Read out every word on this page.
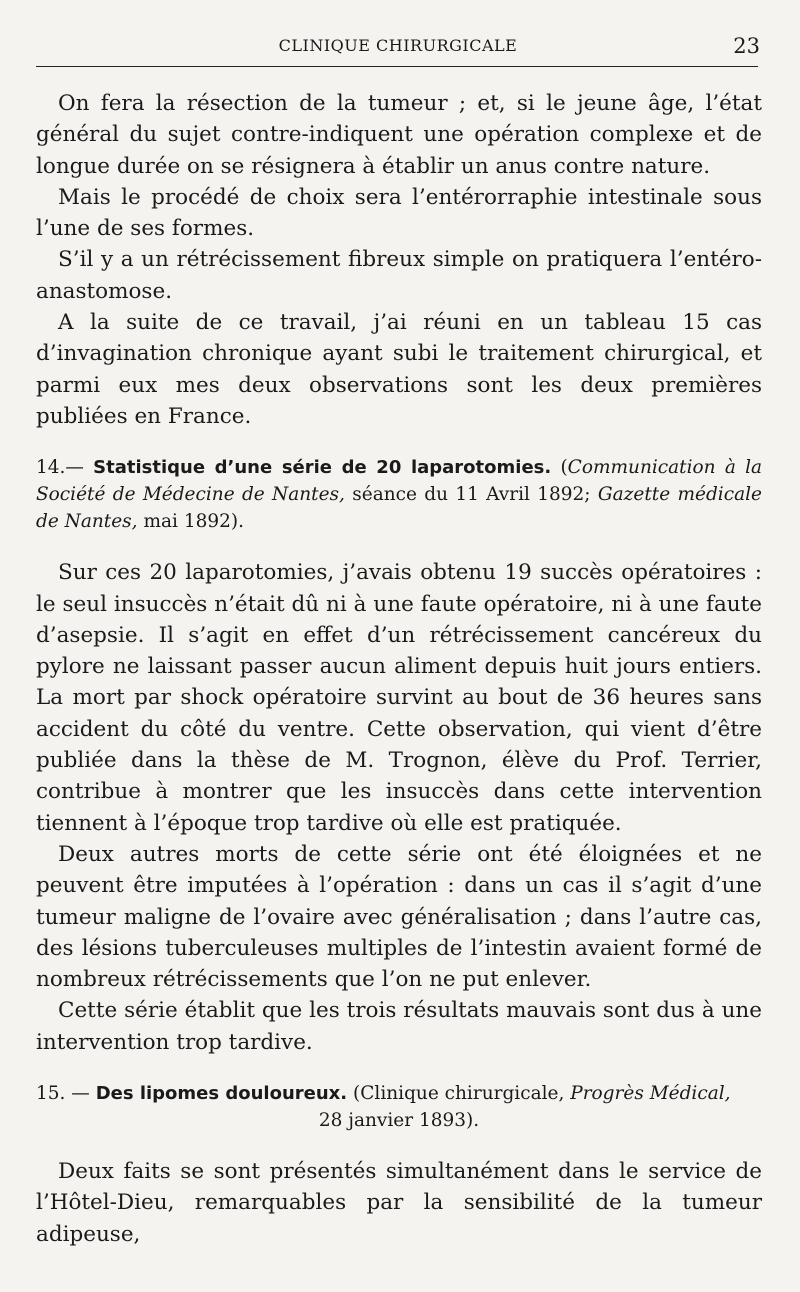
CLINIQUE CHIRURGICALE	23

On fera la résection de la tumeur ; et, si le jeune âge, l’état général du sujet contre-indiquent une opération complexe et de longue durée on se résignera à établir un anus contre nature.

Mais le procédé de choix sera l’entérorraphie intestinale sous l’une de ses formes.

S’il y a un rétrécissement fibreux simple on pratiquera l’entéro-anastomose.

A la suite de ce travail, j’ai réuni en un tableau 15 cas d’invagination chronique ayant subi le traitement chirurgical, et parmi eux mes deux observations sont les deux premières publiées en France.

14.— Statistique d’une série de 20 laparotomies. (Communication à la Société de Médecine de Nantes, séance du 11 Avril 1892; Gazette médicale de Nantes, mai 1892).

Sur ces 20 laparotomies, j’avais obtenu 19 succès opératoires : le seul insuccès n’était dû ni à une faute opératoire, ni à une faute d’asepsie. Il s’agit en effet d’un rétrécissement cancéreux du pylore ne laissant passer aucun aliment depuis huit jours entiers. La mort par shock opératoire survint au bout de 36 heures sans accident du côté du ventre. Cette observation, qui vient d’être publiée dans la thèse de M. Trognon, élève du Prof. Terrier, contribue à montrer que les insuccès dans cette intervention tiennent à l’époque trop tardive où elle est pratiquée.

Deux autres morts de cette série ont été éloignées et ne peuvent être imputées à l’opération : dans un cas il s’agit d’une tumeur maligne de l’ovaire avec généralisation ; dans l’autre cas, des lésions tuberculeuses multiples de l’intestin avaient formé de nombreux rétrécissements que l’on ne put enlever.

Cette série établit que les trois résultats mauvais sont dus à une intervention trop tardive.

15. — Des lipomes douloureux. (Clinique chirurgicale, Progrès Médical,
28 janvier 1893).

Deux faits se sont présentés simultanément dans le service de l’Hôtel-Dieu, remarquables par la sensibilité de la tumeur adipeuse,
